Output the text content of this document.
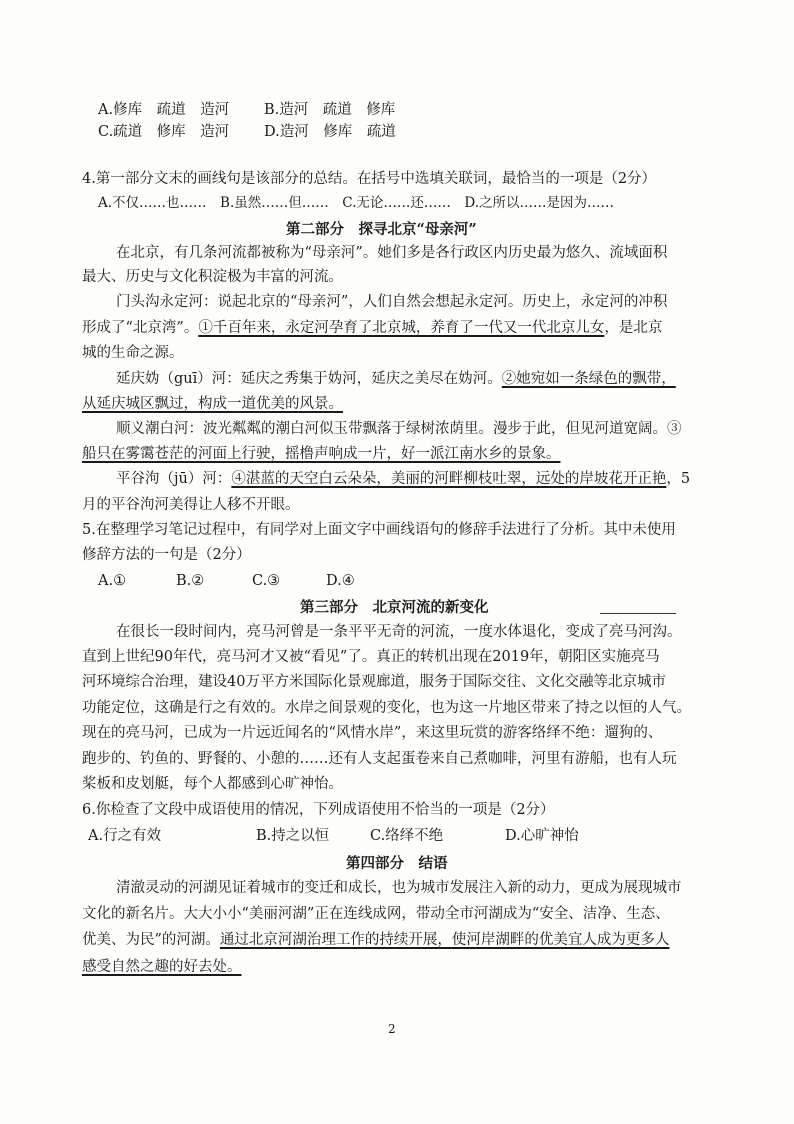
A.修库　疏道　造河 B.造河　疏道　修库
C.疏道　修库　造河 D.造河　修库　疏道
4.第一部分文末的画线句是该部分的总结。在括号中选填关联词，最恰当的一项是（2分）
A.不仅……也……　B.虽然……但……　C.无论……还……　D.之所以……是因为……
第二部分　探寻北京“母亲河”
在北京，有几条河流都被称为“母亲河”。她们多是各行政区内历史最为悠久、流域面积
最大、历史与文化积淀极为丰富的河流。
门头沟永定河：说起北京的“母亲河”，人们自然会想起永定河。历史上，永定河的冲积
形成了“北京湾”。①千百年来，永定河孕育了北京城，养育了一代又一代北京儿女，是北京
城的生命之源。
延庆妫（guī）河：延庆之秀集于妫河，延庆之美尽在妫河。②她宛如一条绿色的飘带，
从延庆城区飘过，构成一道优美的风景。
顺义潮白河：波光粼粼的潮白河似玉带飘落于绿树浓荫里。漫步于此，但见河道宽阔。③
船只在雾霭苍茫的河面上行驶，摇橹声响成一片，好一派江南水乡的景象。
平谷泃（jū）河：④湛蓝的天空白云朵朵，美丽的河畔柳枝吐翠，远处的岸坡花开正艳，5
月的平谷泃河美得让人移不开眼。
5.在整理学习笔记过程中，有同学对上面文字中画线语句的修辞手法进行了分析。其中未使用
修辞方法的一句是（2分）
A.①	B.②	C.③	D.④
第三部分　北京河流的新变化
在很长一段时间内，亮马河曾是一条平平无奇的河流，一度水体退化，变成了亮马河沟。
直到上世纪90年代，亮马河才又被“看见”了。真正的转机出现在2019年，朝阳区实施亮马
河环境综合治理，建设40万平方米国际化景观廊道，服务于国际交往、文化交融等北京城市
功能定位，这确是行之有效的。水岸之间景观的变化，也为这一片地区带来了持之以恒的人气。
现在的亮马河，已成为一片远近闻名的“风情水岸”，来这里玩赏的游客络绎不绝：遛狗的、
跑步的、钓鱼的、野餐的、小憩的……还有人支起蛋卷来自己煮咖啡，河里有游船，也有人玩
桨板和皮划艇，每个人都感到心旷神怡。
6.你检查了文段中成语使用的情况，下列成语使用不恰当的一项是（2分）
A.行之有效	B.持之以恒	C.络绎不绝	D.心旷神怡
第四部分　结语
清澈灵动的河湖见证着城市的变迁和成长，也为城市发展注入新的动力，更成为展现城市
文化的新名片。大大小小“美丽河湖”正在连线成网，带动全市河湖成为“安全、洁净、生态、
优美、为民”的河湖。通过北京河湖治理工作的持续开展，使河岸湖畔的优美宜人成为更多人
感受自然之趣的好去处。
2
